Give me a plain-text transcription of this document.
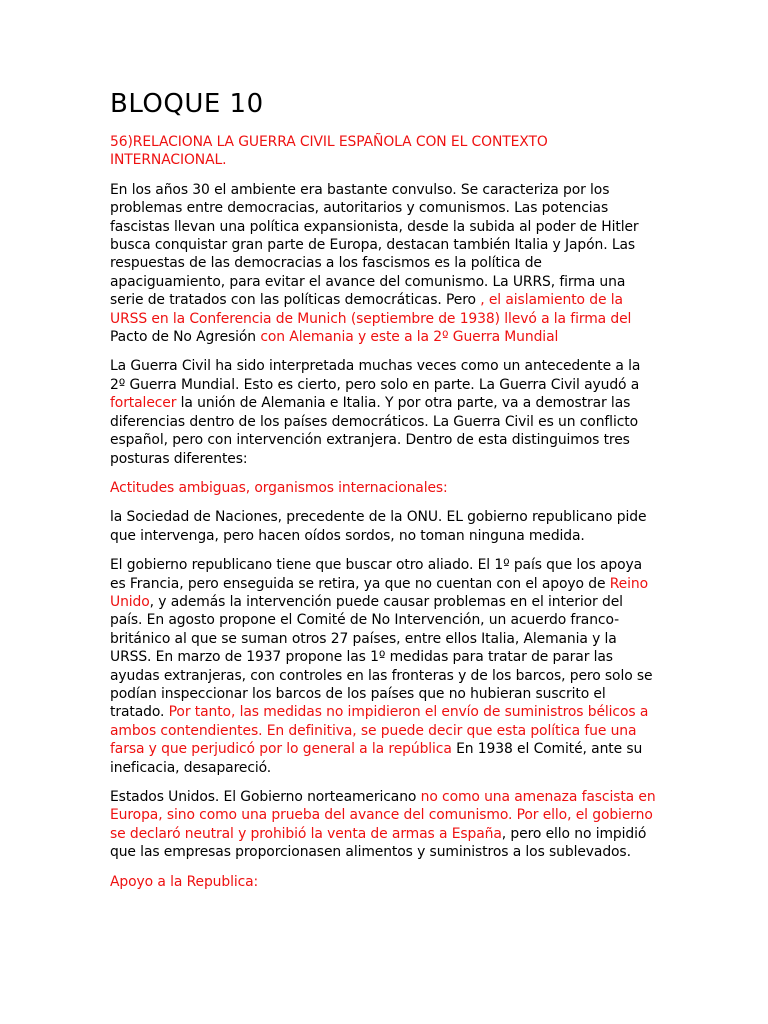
BLOQUE 10

56)RELACIONA LA GUERRA CIVIL ESPAÑOLA CON EL CONTEXTO INTERNACIONAL.

En los años 30 el ambiente era bastante convulso. Se caracteriza por los problemas entre democracias, autoritarios y comunismos. Las potencias fascistas llevan una política expansionista, desde la subida al poder de Hitler busca conquistar gran parte de Europa, destacan también Italia y Japón. Las respuestas de las democracias a los fascismos es la política de apaciguamiento, para evitar el avance del comunismo. La URRS, firma una serie de tratados con las políticas democráticas. Pero , el aislamiento de la URSS en la Conferencia de Munich (septiembre de 1938) llevó a la firma del Pacto de No Agresión con Alemania y este a la 2º Guerra Mundial

La Guerra Civil ha sido interpretada muchas veces como un antecedente a la 2º Guerra Mundial. Esto es cierto, pero solo en parte. La Guerra Civil ayudó a fortalecer la unión de Alemania e Italia. Y por otra parte, va a demostrar las diferencias dentro de los países democráticos. La Guerra Civil es un conflicto español, pero con intervención extranjera. Dentro de esta distinguimos tres posturas diferentes:

Actitudes ambiguas, organismos internacionales:

la Sociedad de Naciones, precedente de la ONU. EL gobierno republicano pide que intervenga, pero hacen oídos sordos, no toman ninguna medida.

El gobierno republicano tiene que buscar otro aliado. El 1º país que los apoya es Francia, pero enseguida se retira, ya que no cuentan con el apoyo de Reino Unido, y además la intervención puede causar problemas en el interior del país. En agosto propone el Comité de No Intervención, un acuerdo franco-británico al que se suman otros 27 países, entre ellos Italia, Alemania y la URSS. En marzo de 1937 propone las 1º medidas para tratar de parar las ayudas extranjeras, con controles en las fronteras y de los barcos, pero solo se podían inspeccionar los barcos de los países que no hubieran suscrito el tratado. Por tanto, las medidas no impidieron el envío de suministros bélicos a ambos contendientes. En definitiva, se puede decir que esta política fue una farsa y que perjudicó por lo general a la república En 1938 el Comité, ante su ineficacia, desapareció.

Estados Unidos. El Gobierno norteamericano no como una amenaza fascista en Europa, sino como una prueba del avance del comunismo. Por ello, el gobierno se declaró neutral y prohibió la venta de armas a España, pero ello no impidió que las empresas proporcionasen alimentos y suministros a los sublevados.

Apoyo a la Republica:
